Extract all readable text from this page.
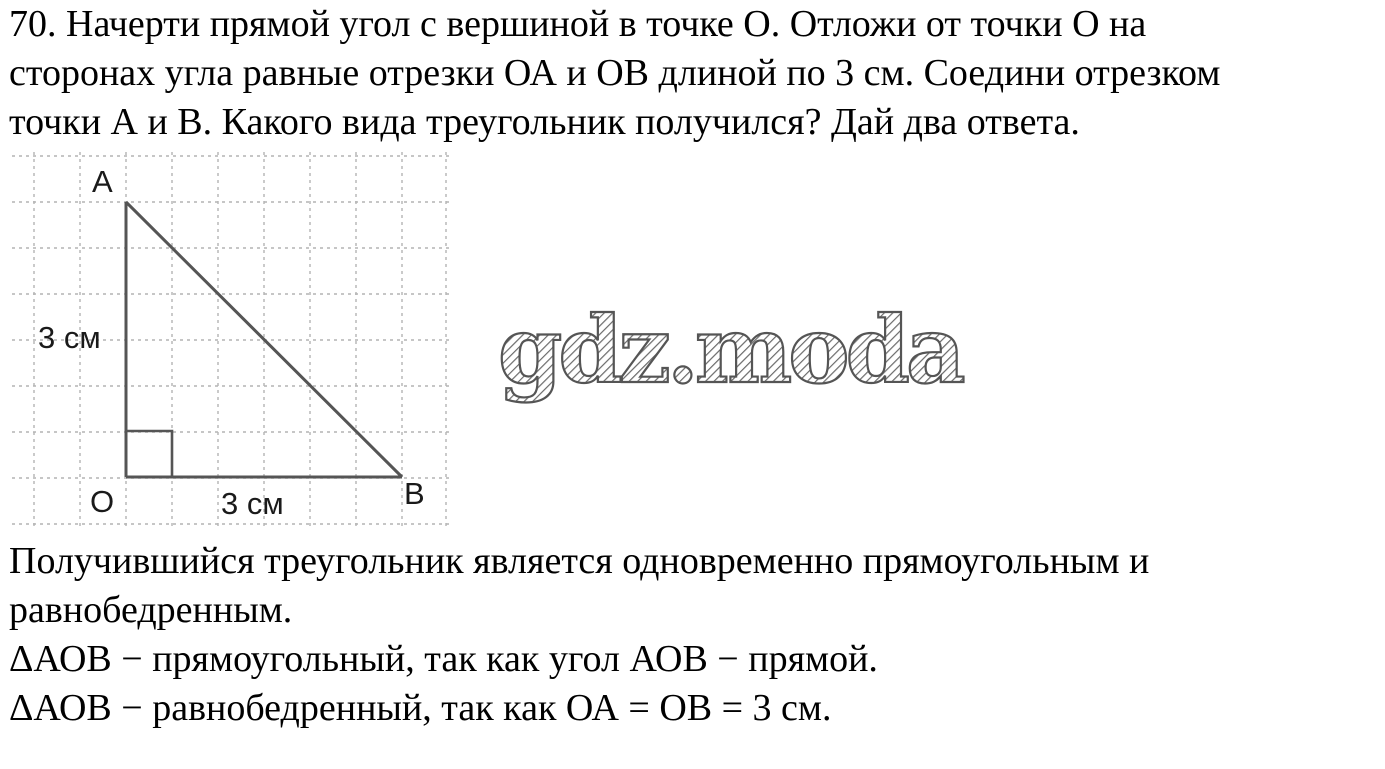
70. Начерти прямой угол с вершиной в точке О. Отложи от точки О на
сторонах угла равные отрезки ОА и ОВ длиной по 3 см. Соедини отрезком
точки А и В. Какого вида треугольник получился? Дай два ответа.
A
O	B
3 см
3 см
gdz.moda
Получившийся треугольник является одновременно прямоугольным и
равнобедренным.
ΔАОВ − прямоугольный, так как угол АОВ − прямой.
ΔАОВ − равнобедренный, так как ОА = ОВ = 3 см.
